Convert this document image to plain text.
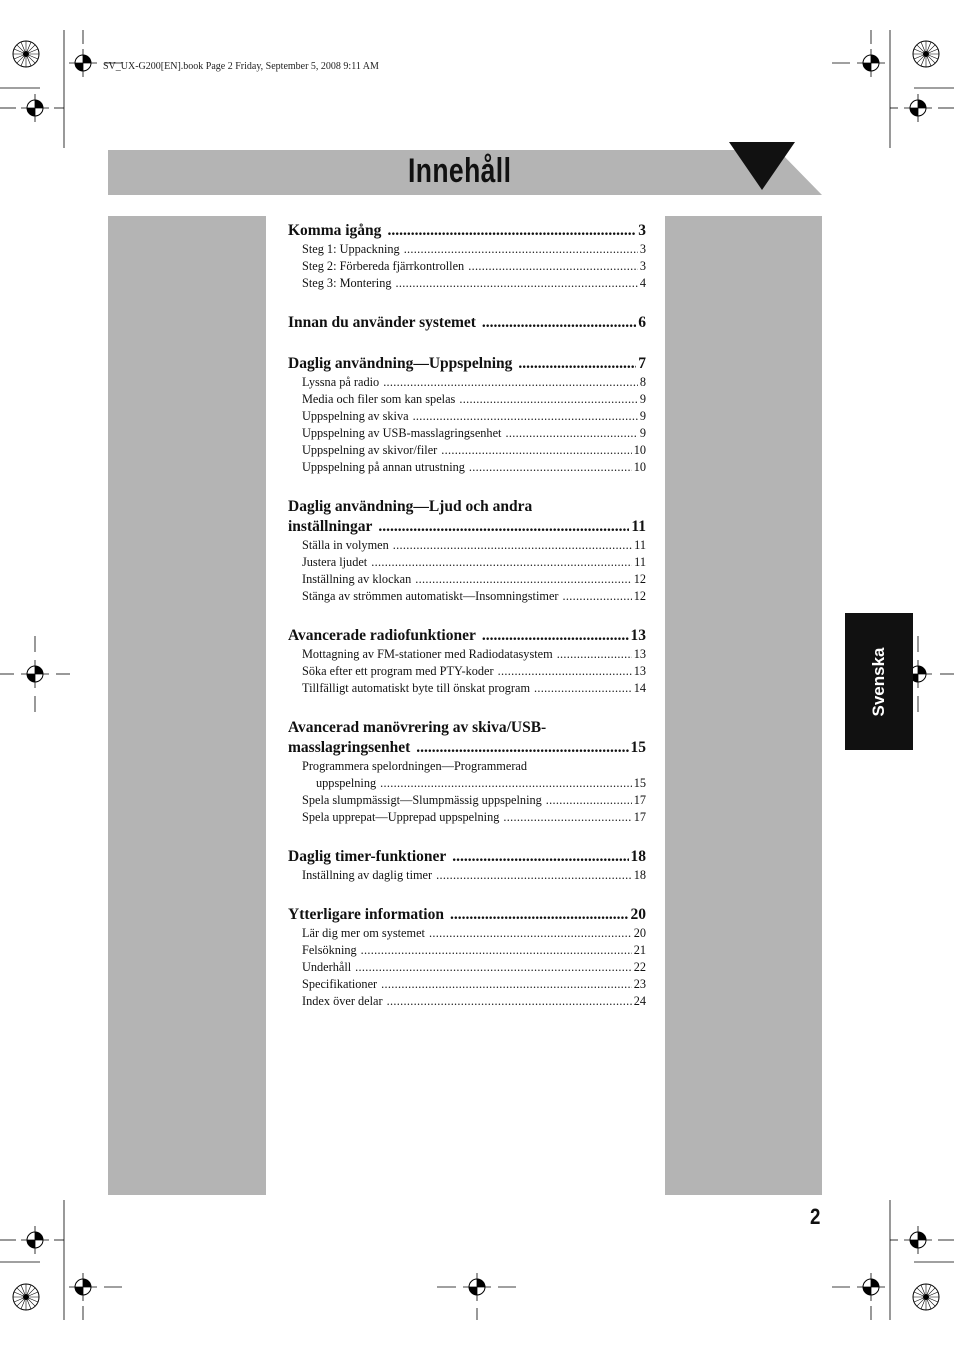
SV_UX-G200[EN].book Page 2 Friday, September 5, 2008 9:11 AM
Innehåll
Komma igång .....	3
Steg 1: Uppackning .....	3
Steg 2: Förbereda fjärrkontrollen .....	3
Steg 3: Montering .....	4
Innan du använder systemet .....	6
Daglig användning—Uppspelning .....	7
Lyssna på radio .....	8
Media och filer som kan spelas .....	9
Uppspelning av skiva .....	9
Uppspelning av USB-masslagringsenhet .....	9
Uppspelning av skivor/filer .....	10
Uppspelning på annan utrustning .....	10
Daglig användning—Ljud och andra
inställningar .....	11
Ställa in volymen .....	11
Justera ljudet .....	11
Inställning av klockan .....	12
Stänga av strömmen automatiskt—Insomningstimer .....	12
Avancerade radiofunktioner .....	13
Mottagning av FM-stationer med Radiodatasystem .....	13
Söka efter ett program med PTY-koder .....	13
Tillfälligt automatiskt byte till önskat program .....	14
Avancerad manövrering av skiva/USB-
masslagringsenhet .....	15
Programmera spelordningen—Programmerad
uppspelning .....	15
Spela slumpmässigt—Slumpmässig uppspelning .....	17
Spela upprepat—Upprepad uppspelning .....	17
Daglig timer-funktioner .....	18
Inställning av daglig timer .....	18
Ytterligare information .....	20
Lär dig mer om systemet .....	20
Felsökning .....	21
Underhåll .....	22
Specifikationer .....	23
Index över delar .....	24
Svenska
2
